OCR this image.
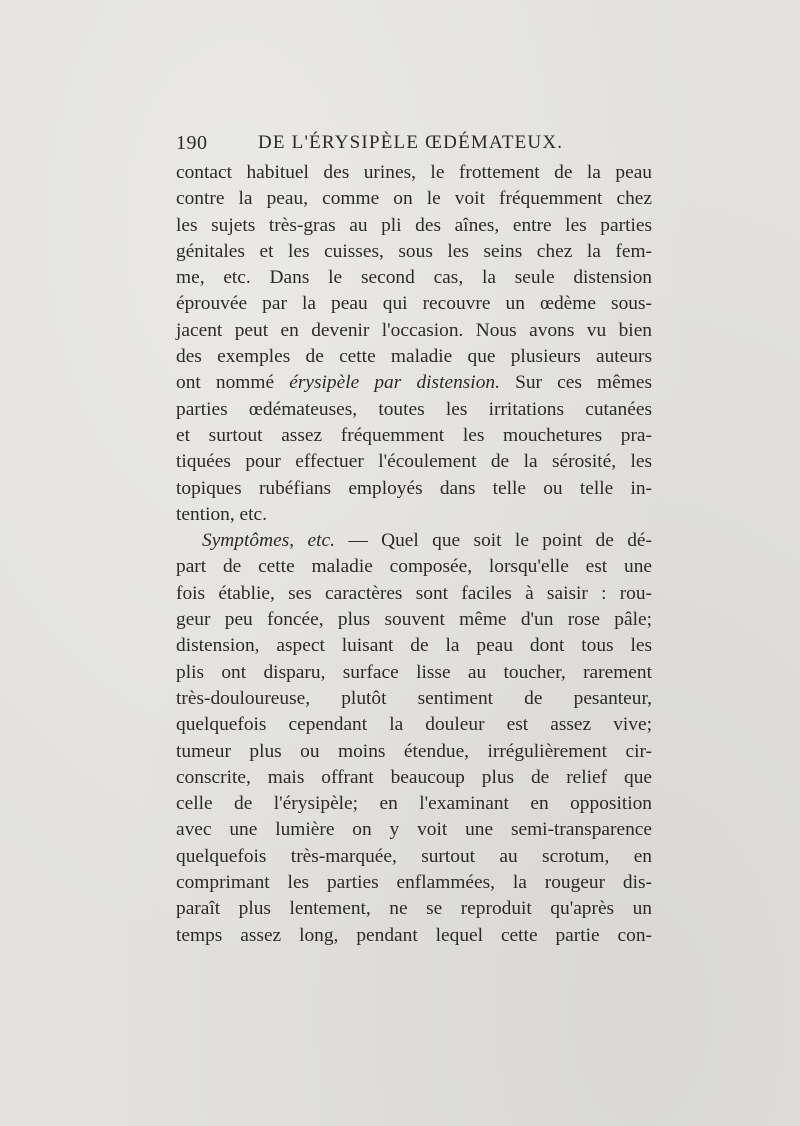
190	DE L'ÉRYSIPÈLE ŒDÉMATEUX.
contact habituel des urines, le frottement de la peau
contre la peau, comme on le voit fréquemment chez
les sujets très-gras au pli des aînes, entre les parties
génitales et les cuisses, sous les seins chez la fem-
me, etc. Dans le second cas, la seule distension
éprouvée par la peau qui recouvre un œdème sous-
jacent peut en devenir l'occasion. Nous avons vu bien
des exemples de cette maladie que plusieurs auteurs
ont nommé érysipèle par distension. Sur ces mêmes
parties œdémateuses, toutes les irritations cutanées
et surtout assez fréquemment les mouchetures pra-
tiquées pour effectuer l'écoulement de la sérosité, les
topiques rubéfians employés dans telle ou telle in-
tention, etc.
Symptômes, etc. — Quel que soit le point de dé-
part de cette maladie composée, lorsqu'elle est une
fois établie, ses caractères sont faciles à saisir : rou-
geur peu foncée, plus souvent même d'un rose pâle;
distension, aspect luisant de la peau dont tous les
plis ont disparu, surface lisse au toucher, rarement
très-douloureuse, plutôt sentiment de pesanteur,
quelquefois cependant la douleur est assez vive;
tumeur plus ou moins étendue, irrégulièrement cir-
conscrite, mais offrant beaucoup plus de relief que
celle de l'érysipèle; en l'examinant en opposition
avec une lumière on y voit une semi-transparence
quelquefois très-marquée, surtout au scrotum, en
comprimant les parties enflammées, la rougeur dis-
paraît plus lentement, ne se reproduit qu'après un
temps assez long, pendant lequel cette partie con-
